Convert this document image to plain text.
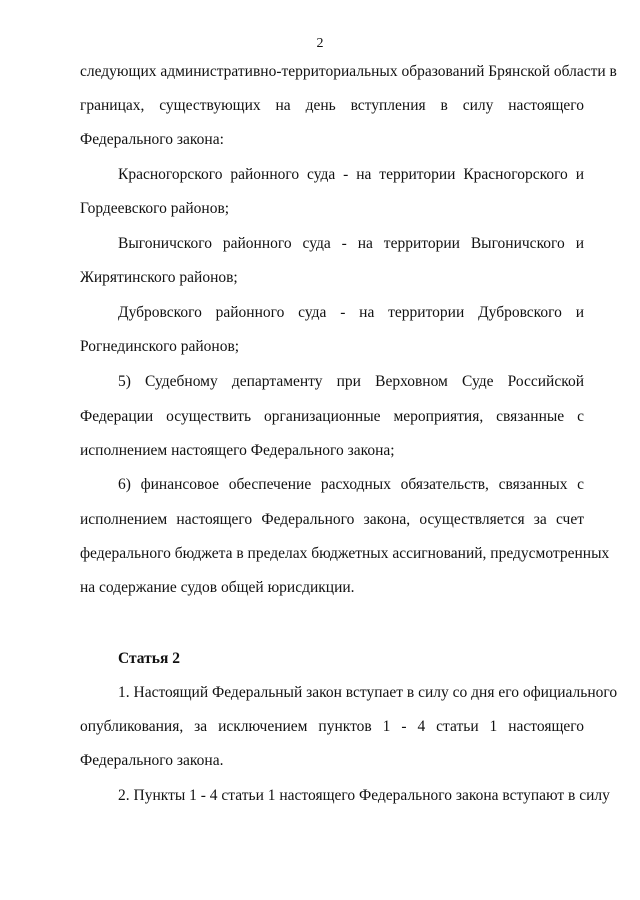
2
следующих административно-территориальных образований Брянской области в
границах, существующих на день вступления в силу настоящего
Федерального закона:
Красногорского районного суда - на территории Красногорского и
Гордеевского районов;
Выгоничского районного суда - на территории Выгоничского и
Жирятинского районов;
Дубровского районного суда - на территории Дубровского и
Рогнединского районов;
5) Судебному департаменту при Верховном Суде Российской
Федерации осуществить организационные мероприятия, связанные с
исполнением настоящего Федерального закона;
6) финансовое обеспечение расходных обязательств, связанных с
исполнением настоящего Федерального закона, осуществляется за счет
федерального бюджета в пределах бюджетных ассигнований, предусмотренных
на содержание судов общей юрисдикции.
Статья 2
1. Настоящий Федеральный закон вступает в силу со дня его официального
опубликования, за исключением пунктов 1 - 4 статьи 1 настоящего
Федерального закона.
2. Пункты 1 - 4 статьи 1 настоящего Федерального закона вступают в силу
